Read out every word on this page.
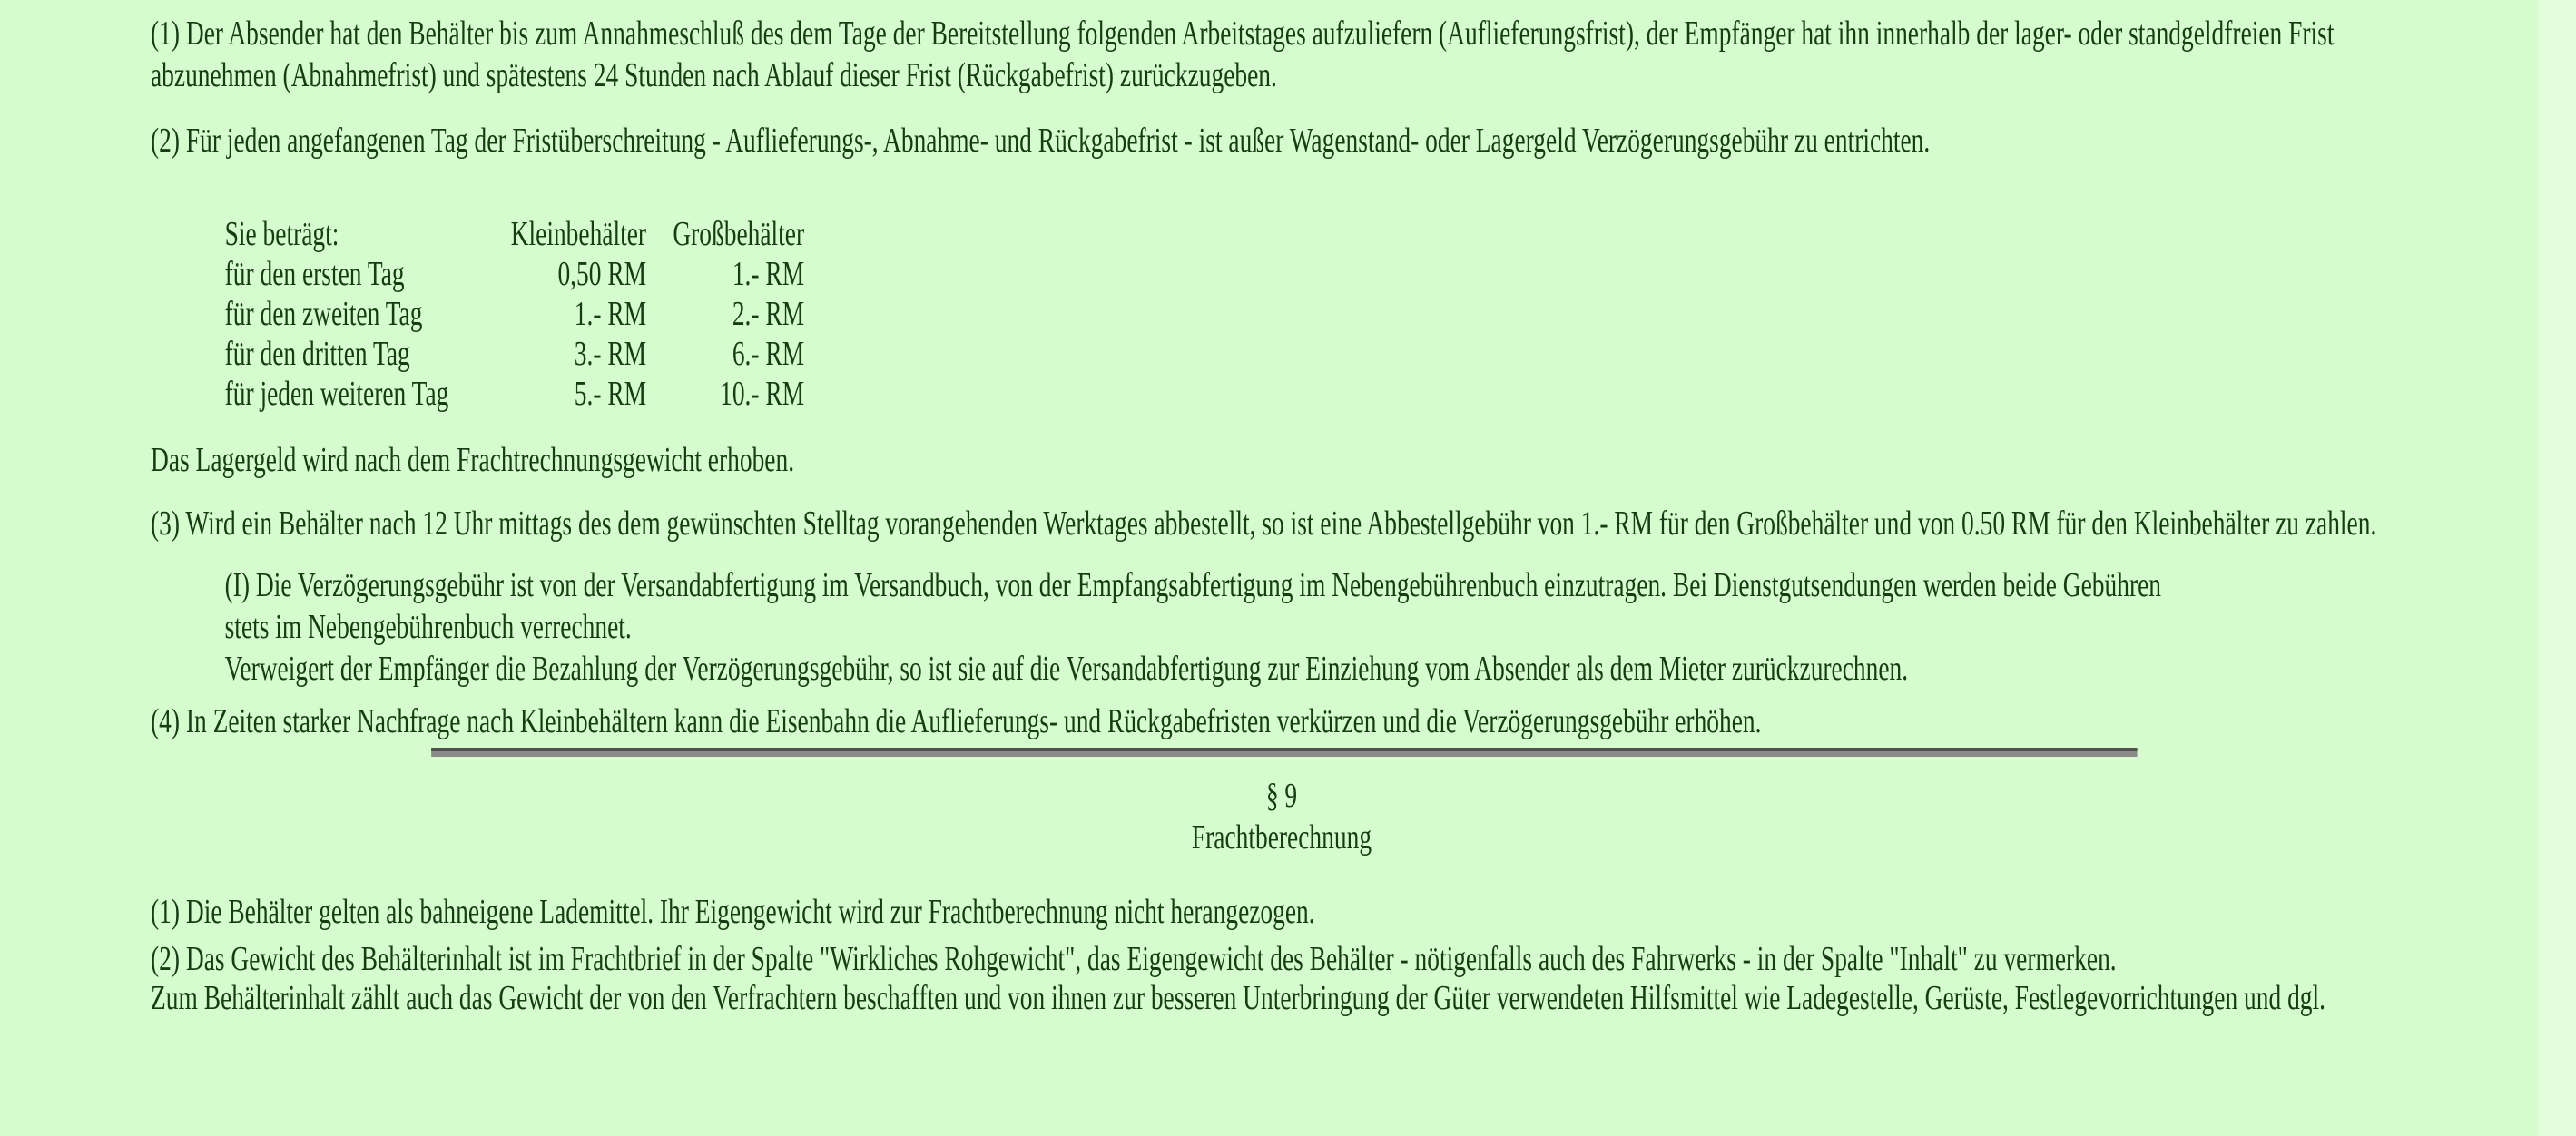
(1) Der Absender hat den Behälter bis zum Annahmeschluß des dem Tage der Bereitstellung folgenden Arbeitstages aufzuliefern (Auflieferungsfrist), der Empfänger hat ihn innerhalb der lager- oder standgeldfreien Frist abzunehmen (Abnahmefrist) und spätestens 24 Stunden nach Ablauf dieser Frist (Rückgabefrist) zurückzugeben.
(2) Für jeden angefangenen Tag der Fristüberschreitung - Auflieferungs-, Abnahme- und Rückgabefrist - ist außer Wagenstand- oder Lagergeld Verzögerungsgebühr zu entrichten.
Sie beträgt:	Kleinbehälter Großbehälter
für den ersten Tag	0,50 RM	1.- RM
für den zweiten Tag	1.- RM	2.- RM
für den dritten Tag	3.- RM	6.- RM
für jeden weiteren Tag	5.- RM	10.- RM
Das Lagergeld wird nach dem Frachtrechnungsgewicht erhoben.
(3) Wird ein Behälter nach 12 Uhr mittags des dem gewünschten Stelltag vorangehenden Werktages abbestellt, so ist eine Abbestellgebühr von 1.- RM für den Großbehälter und von 0.50 RM für den Kleinbehälter zu zahlen.
(I) Die Verzögerungsgebühr ist von der Versandabfertigung im Versandbuch, von der Empfangsabfertigung im Nebengebührenbuch einzutragen. Bei Dienstgutsendungen werden beide Gebühren stets im Nebengebührenbuch verrechnet.
Verweigert der Empfänger die Bezahlung der Verzögerungsgebühr, so ist sie auf die Versandabfertigung zur Einziehung vom Absender als dem Mieter zurückzurechnen.
(4) In Zeiten starker Nachfrage nach Kleinbehältern kann die Eisenbahn die Auflieferungs- und Rückgabefristen verkürzen und die Verzögerungsgebühr erhöhen.
§ 9
Frachtberechnung
(1) Die Behälter gelten als bahneigene Lademittel. Ihr Eigengewicht wird zur Frachtberechnung nicht herangezogen.
(2) Das Gewicht des Behälterinhalt ist im Frachtbrief in der Spalte "Wirkliches Rohgewicht", das Eigengewicht des Behälter - nötigenfalls auch des Fahrwerks - in der Spalte "Inhalt" zu vermerken.
Zum Behälterinhalt zählt auch das Gewicht der von den Verfrachtern beschafften und von ihnen zur besseren Unterbringung der Güter verwendeten Hilfsmittel wie Ladegestelle, Gerüste, Festlegevorrichtungen und dgl.
